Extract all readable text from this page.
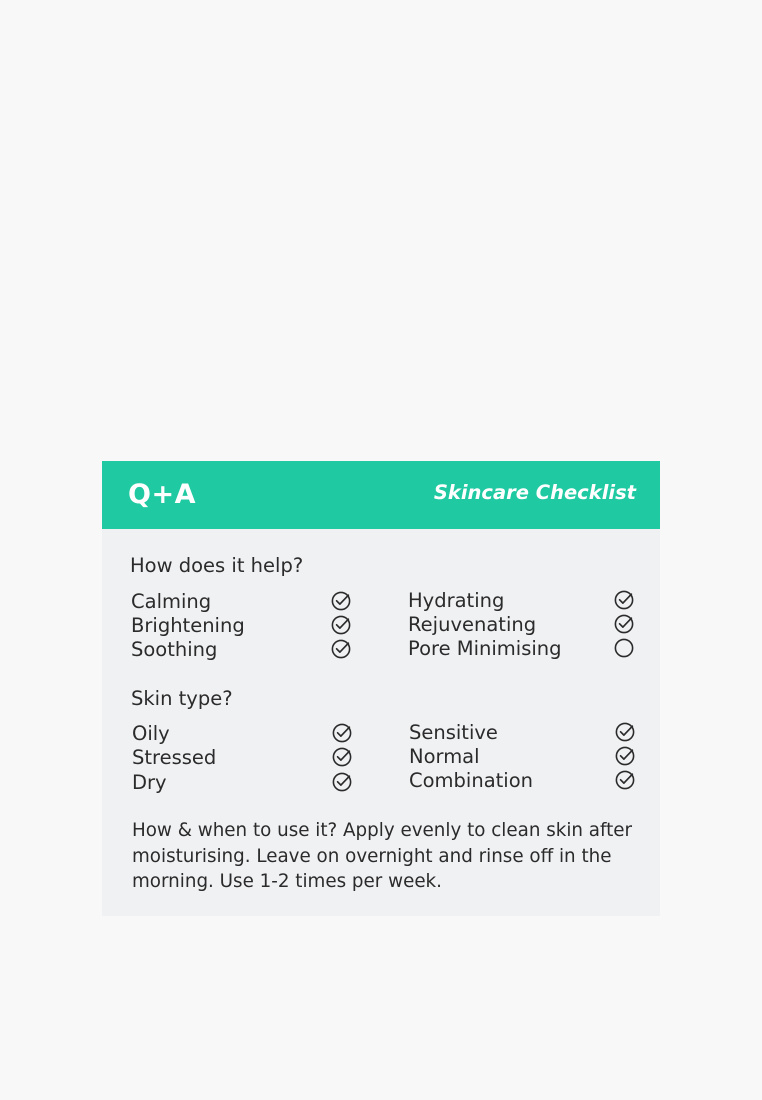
Q+A	Skincare Checklist
How does it help?
Calming
Brightening
Soothing
Hydrating
Rejuvenating
Pore Minimising
Skin type?
Oily
Stressed
Dry
Sensitive
Normal
Combination
How & when to use it? Apply evenly to clean skin after moisturising. Leave on overnight and rinse off in the morning. Use 1-2 times per week.
